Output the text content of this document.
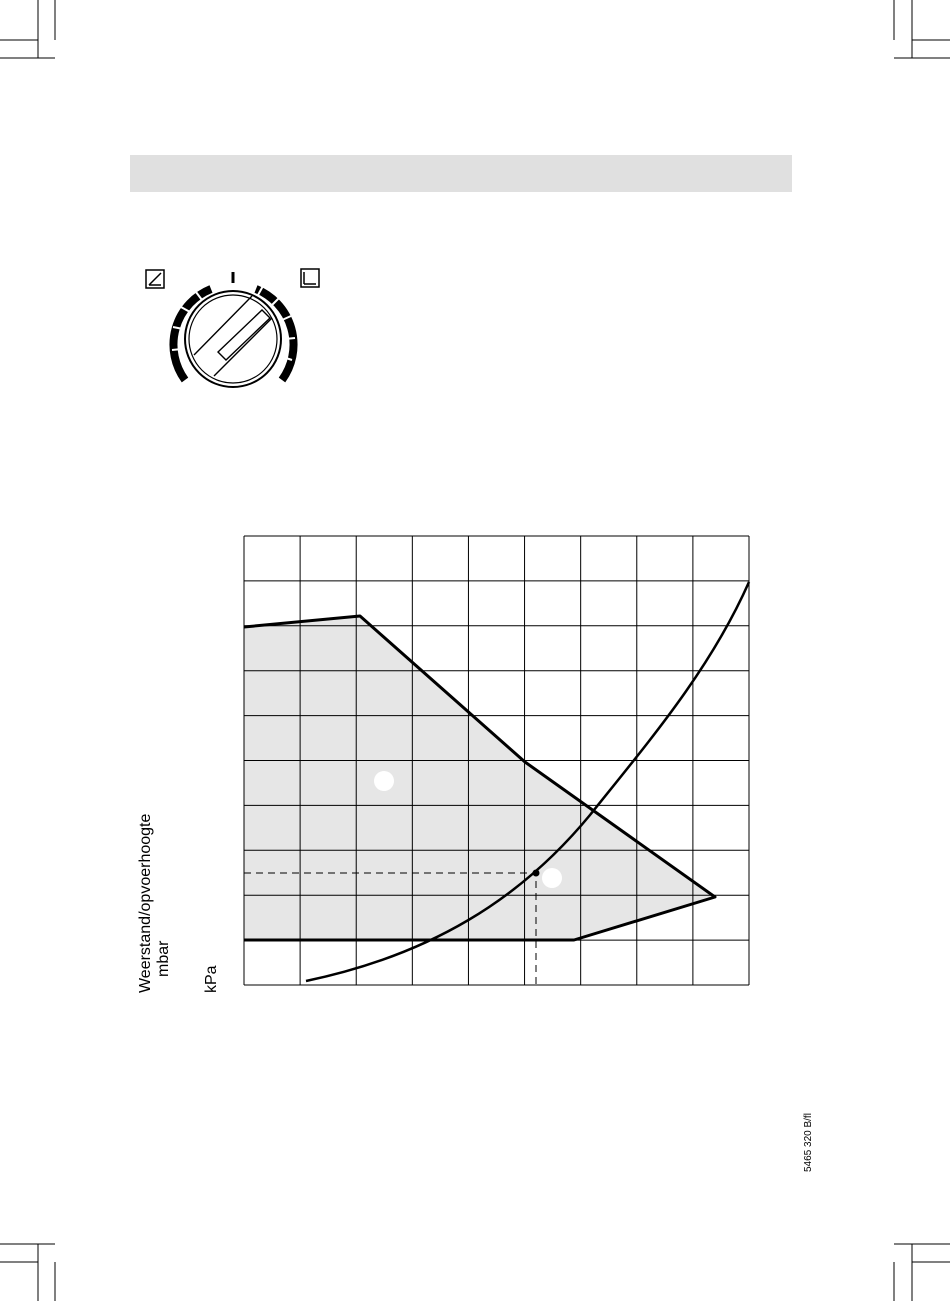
Weerstand/opvoerhoogte mbar
kPa
5465 320 B/fl
